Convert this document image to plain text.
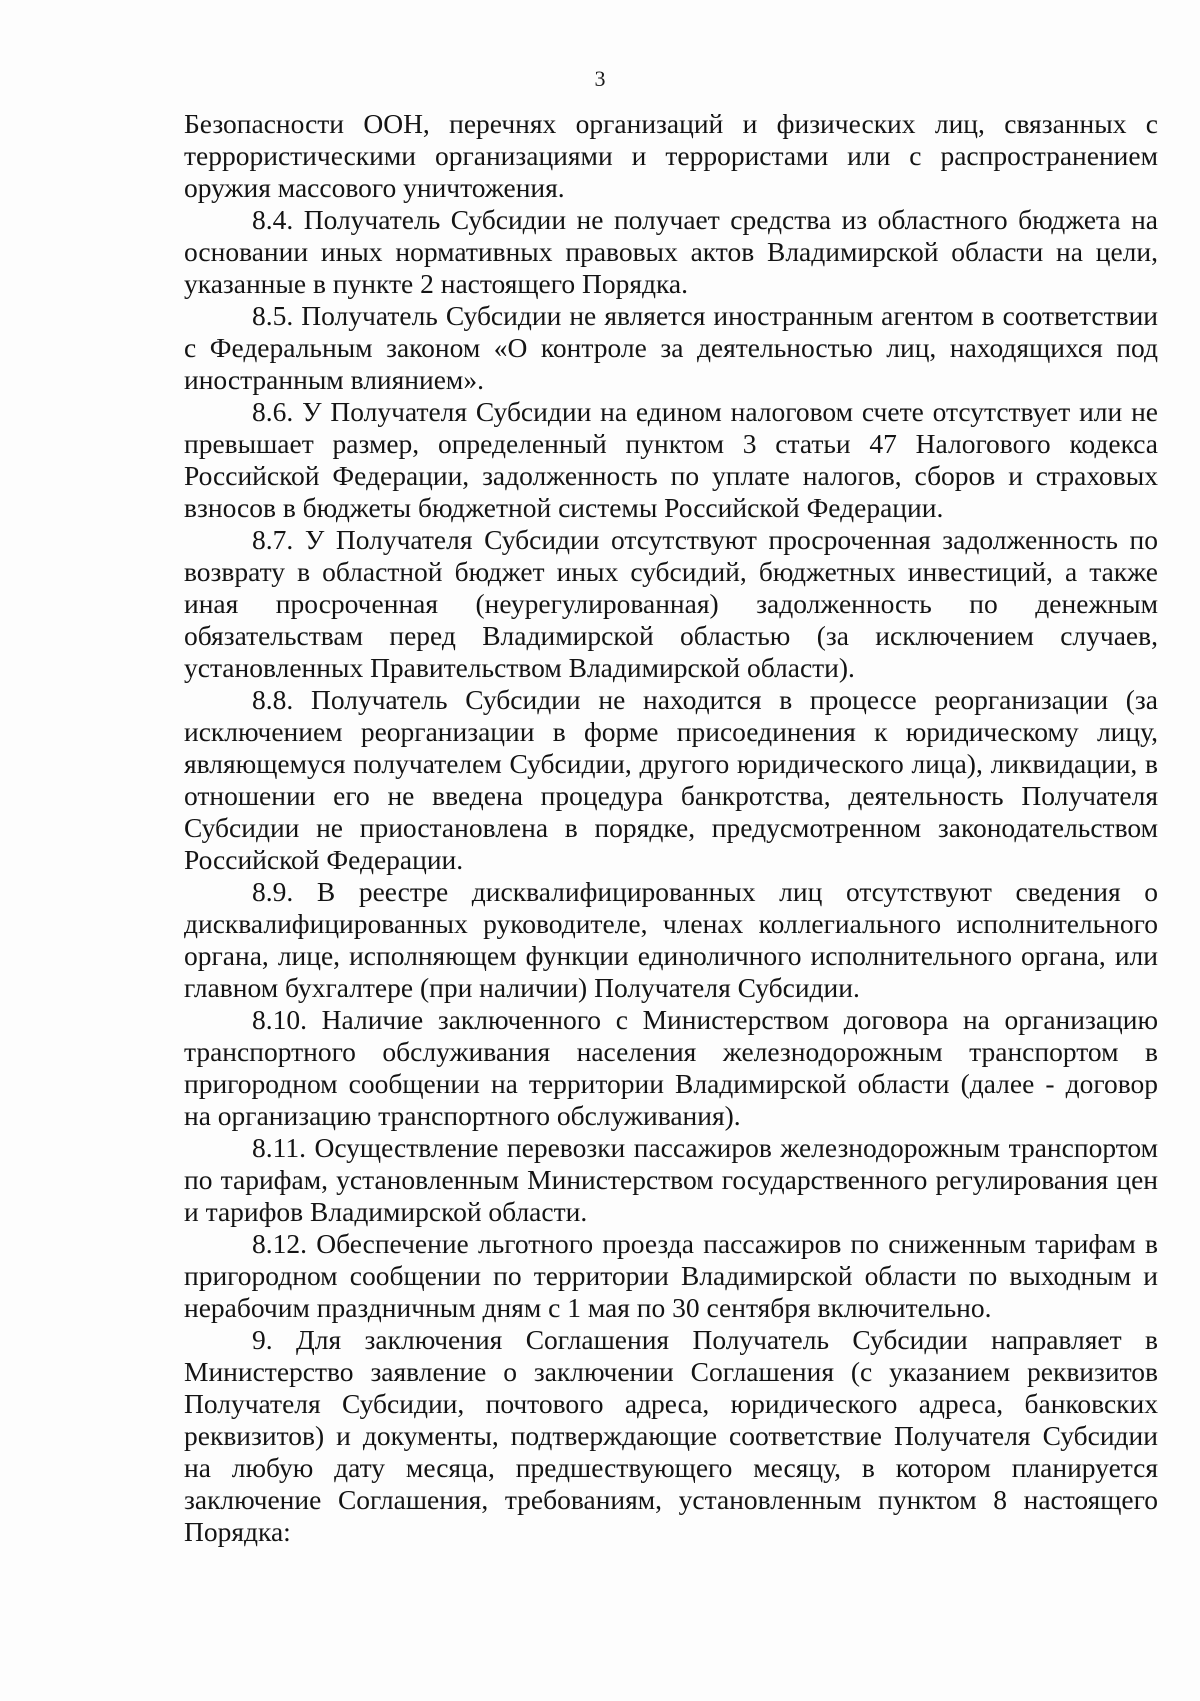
3

Безопасности ООН, перечнях организаций и физических лиц, связанных с террористическими организациями и террористами или с распространением оружия массового уничтожения.

8.4. Получатель Субсидии не получает средства из областного бюджета на основании иных нормативных правовых актов Владимирской области на цели, указанные в пункте 2 настоящего Порядка.

8.5. Получатель Субсидии не является иностранным агентом в соответствии с Федеральным законом «О контроле за деятельностью лиц, находящихся под иностранным влиянием».

8.6. У Получателя Субсидии на едином налоговом счете отсутствует или не превышает размер, определенный пунктом 3 статьи 47 Налогового кодекса Российской Федерации, задолженность по уплате налогов, сборов и страховых взносов в бюджеты бюджетной системы Российской Федерации.

8.7. У Получателя Субсидии отсутствуют просроченная задолженность по возврату в областной бюджет иных субсидий, бюджетных инвестиций, а также иная просроченная (неурегулированная) задолженность по денежным обязательствам перед Владимирской областью (за исключением случаев, установленных Правительством Владимирской области).

8.8. Получатель Субсидии не находится в процессе реорганизации (за исключением реорганизации в форме присоединения к юридическому лицу, являющемуся получателем Субсидии, другого юридического лица), ликвидации, в отношении его не введена процедура банкротства, деятельность Получателя Субсидии не приостановлена в порядке, предусмотренном законодательством Российской Федерации.

8.9. В реестре дисквалифицированных лиц отсутствуют сведения о дисквалифицированных руководителе, членах коллегиального исполнительного органа, лице, исполняющем функции единоличного исполнительного органа, или главном бухгалтере (при наличии) Получателя Субсидии.

8.10. Наличие заключенного с Министерством договора на организацию транспортного обслуживания населения железнодорожным транспортом в пригородном сообщении на территории Владимирской области (далее - договор на организацию транспортного обслуживания).

8.11. Осуществление перевозки пассажиров железнодорожным транспортом по тарифам, установленным Министерством государственного регулирования цен и тарифов Владимирской области.

8.12. Обеспечение льготного проезда пассажиров по сниженным тарифам в пригородном сообщении по территории Владимирской области по выходным и нерабочим праздничным дням с 1 мая по 30 сентября включительно.

9. Для заключения Соглашения Получатель Субсидии направляет в Министерство заявление о заключении Соглашения (с указанием реквизитов Получателя Субсидии, почтового адреса, юридического адреса, банковских реквизитов) и документы, подтверждающие соответствие Получателя Субсидии на любую дату месяца, предшествующего месяцу, в котором планируется заключение Соглашения, требованиям, установленным пунктом 8 настоящего Порядка:
